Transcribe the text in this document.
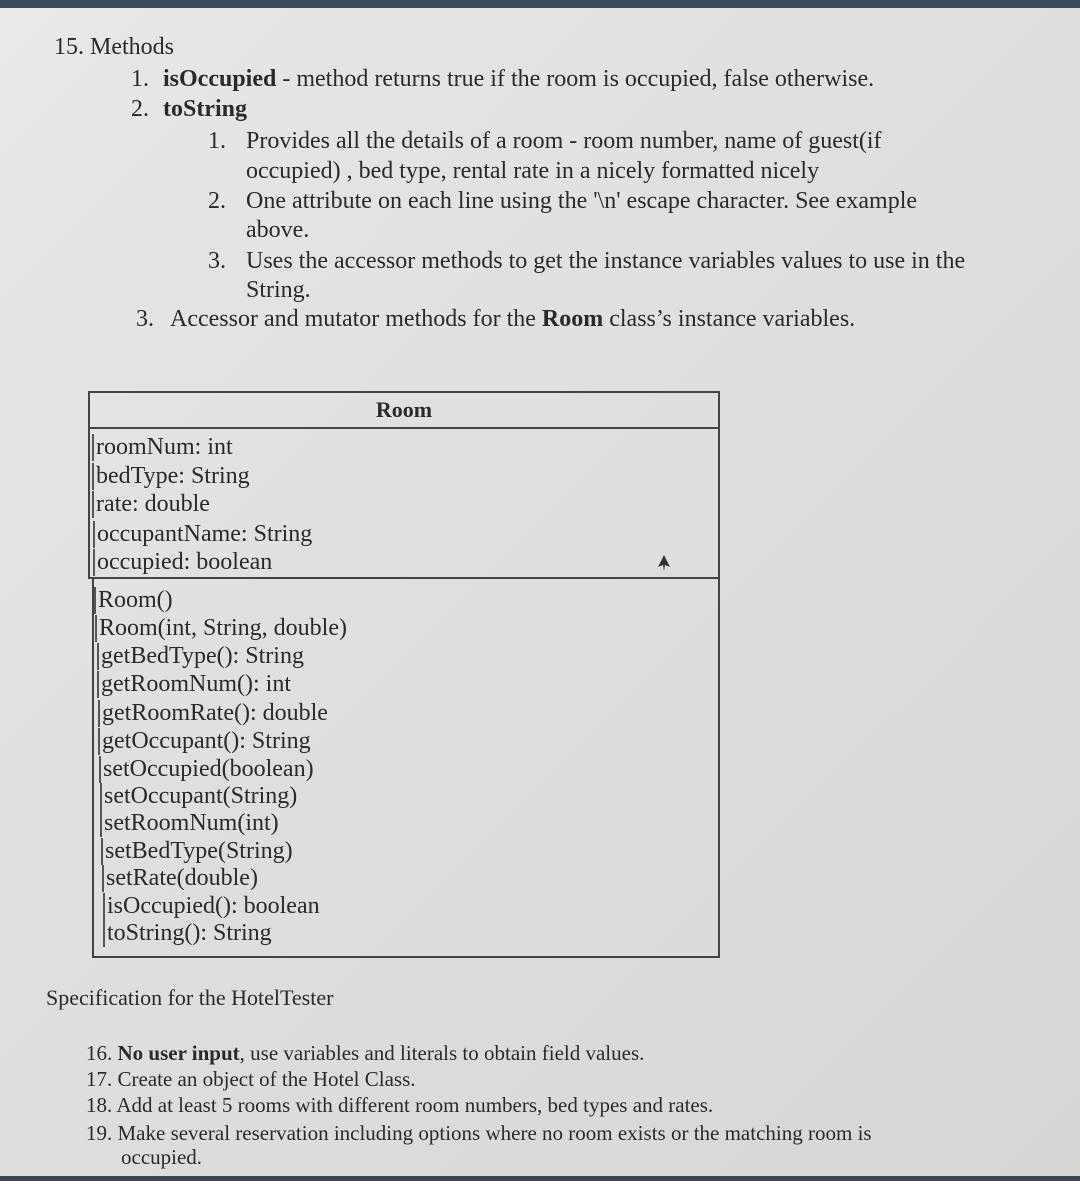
15. Methods
1. isOccupied - method returns true if the room is occupied, false otherwise.
2. toString
1. Provides all the details of a room - room number, name of guest(if
occupied) , bed type, rental rate in a nicely formatted nicely
2. One attribute on each line using the '\n' escape character. See example
above.
3. Uses the accessor methods to get the instance variables values to use in the
String.
3. Accessor and mutator methods for the Room class’s instance variables.
Room
roomNum: int
bedType: String
rate: double
occupantName: String
occupied: boolean
Room()
Room(int, String, double)
getBedType(): String
getRoomNum(): int
getRoomRate(): double
getOccupant(): String
setOccupied(boolean)
setOccupant(String)
setRoomNum(int)
setBedType(String)
setRate(double)
isOccupied(): boolean
toString(): String
Specification for the HotelTester
16. No user input, use variables and literals to obtain field values.
17. Create an object of the Hotel Class.
18. Add at least 5 rooms with different room numbers, bed types and rates.
19. Make several reservation including options where no room exists or the matching room is
occupied.
